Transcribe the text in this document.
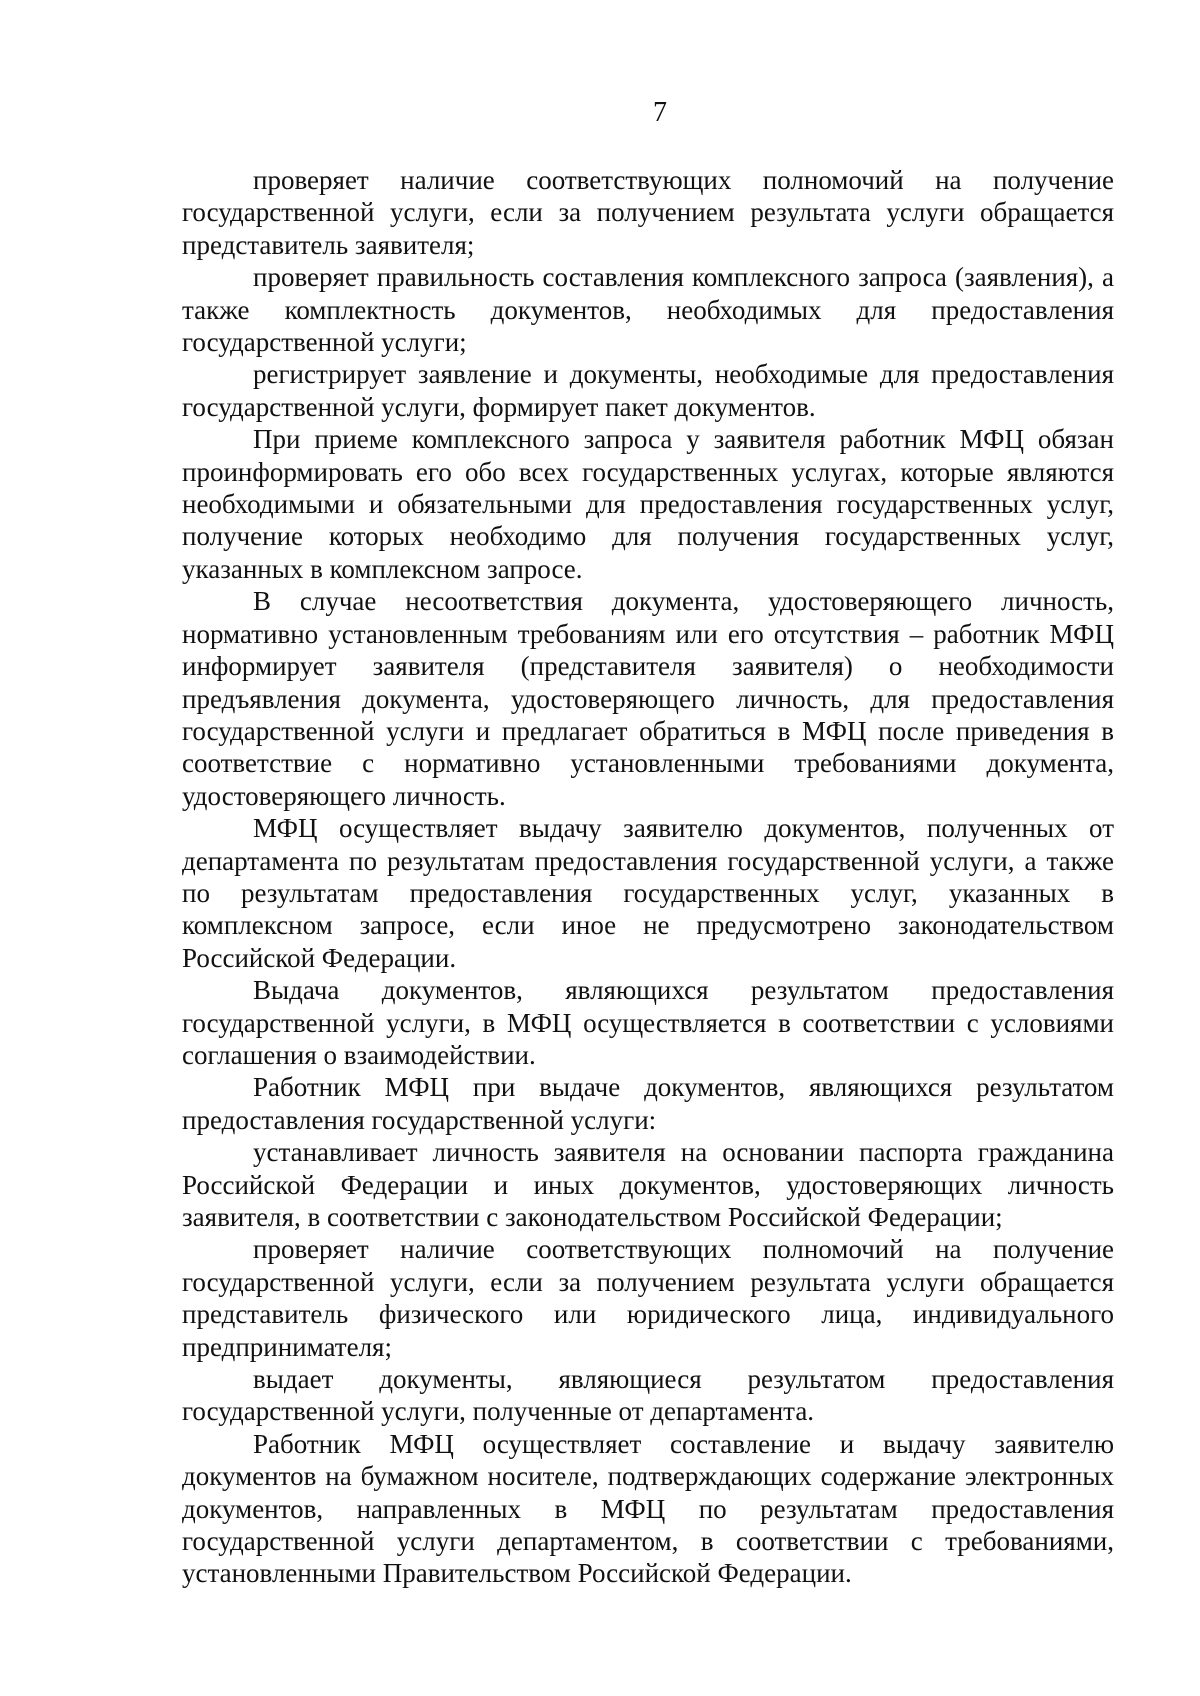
7

проверяет наличие соответствующих полномочий на получение государственной услуги, если за получением результата услуги обращается представитель заявителя;

проверяет правильность составления комплексного запроса (заявления), а также комплектность документов, необходимых для предоставления государственной услуги;

регистрирует заявление и документы, необходимые для предоставления государственной услуги, формирует пакет документов.

При приеме комплексного запроса у заявителя работник МФЦ обязан проинформировать его обо всех государственных услугах, которые являются необходимыми и обязательными для предоставления государственных услуг, получение которых необходимо для получения государственных услуг, указанных в комплексном запросе.

В случае несоответствия документа, удостоверяющего личность, нормативно установленным требованиям или его отсутствия – работник МФЦ информирует заявителя (представителя заявителя) о необходимости предъявления документа, удостоверяющего личность, для предоставления государственной услуги и предлагает обратиться в МФЦ после приведения в соответствие с нормативно установленными требованиями документа, удостоверяющего личность.

МФЦ осуществляет выдачу заявителю документов, полученных от департамента по результатам предоставления государственной услуги, а также по результатам предоставления государственных услуг, указанных в комплексном запросе, если иное не предусмотрено законодательством Российской Федерации.

Выдача документов, являющихся результатом предоставления государственной услуги, в МФЦ осуществляется в соответствии с условиями соглашения о взаимодействии.

Работник МФЦ при выдаче документов, являющихся результатом предоставления государственной услуги:

устанавливает личность заявителя на основании паспорта гражданина Российской Федерации и иных документов, удостоверяющих личность заявителя, в соответствии с законодательством Российской Федерации;

проверяет наличие соответствующих полномочий на получение государственной услуги, если за получением результата услуги обращается представитель физического или юридического лица, индивидуального предпринимателя;

выдает документы, являющиеся результатом предоставления государственной услуги, полученные от департамента.

Работник МФЦ осуществляет составление и выдачу заявителю документов на бумажном носителе, подтверждающих содержание электронных документов, направленных в МФЦ по результатам предоставления государственной услуги департаментом, в соответствии с требованиями, установленными Правительством Российской Федерации.
